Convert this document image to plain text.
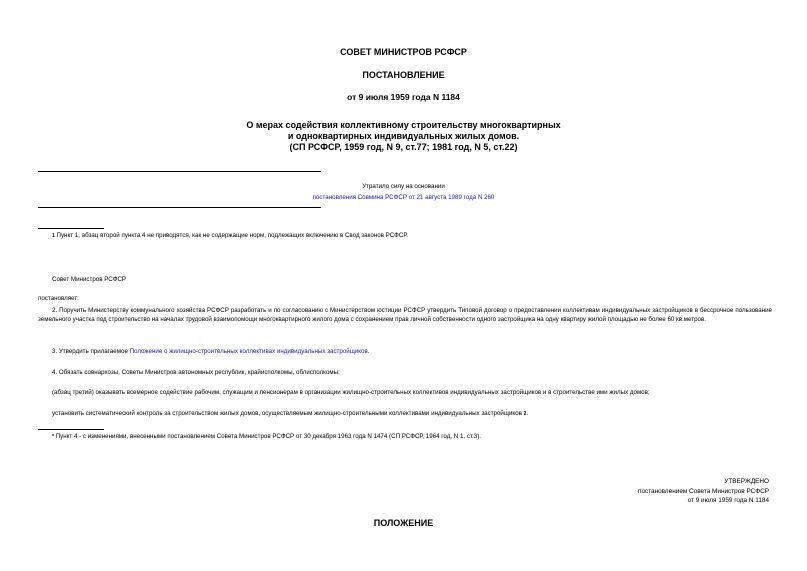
СОВЕТ МИНИСТРОВ РСФСР
ПОСТАНОВЛЕНИЕ
от 9 июля 1959 года N 1184
О мерах содействия коллективному строительству многоквартирных
и одноквартирных индивидуальных жилых домов.
(СП РСФСР, 1959 год, N 9, ст.77; 1981 год, N 5, ст.22)
Утратило силу на основании
постановления Совмина РСФСР от 21 августа 1989 года N 260
1 Пункт 1, абзац второй пункта 4 не приводятся, как не содержащие норм, подлежащих включению в Свод законов РСФСР.
Совет Министров РСФСР
постановляет:
2. Поручить Министерству коммунального хозяйства РСФСР разработать и по согласованию с Министерством юстиции РСФСР утвердить Типовой договор о предоставлении коллективам индивидуальных застройщиков в бессрочное пользование земельного участка под строительство на началах трудовой взаимопомощи многоквартирного жилого дома с сохранением прав личной собственности одного застройщика на одну квартиру жилой площадью не более 60 кв.метров.
3. Утвердить прилагаемое Положение о жилищно-строительных коллективах индивидуальных застройщиков.
4. Обязать совнархозы, Советы Министров автономных республик, крайисполкомы, облисполкомы:
(абзац третий) оказывать всемерное содействие рабочим, служащим и пенсионерам в организации жилищно-строительных коллективов индивидуальных застройщиков и в строительстве ими жилых домов;
установить систематический контроль за строительством жилых домов, осуществляемым жилищно-строительными коллективами индивидуальных застройщиков 2.
* Пункт 4 - с изменениями, внесенными постановлением Совета Министров РСФСР от 30 декабря 1963 года N 1474 (СП РСФСР, 1964 год, N 1, ст.3).
УТВЕРЖДЕНО
постановлением Совета Министров РСФСР
от 9 июля 1959 года N 1184
ПОЛОЖЕНИЕ
